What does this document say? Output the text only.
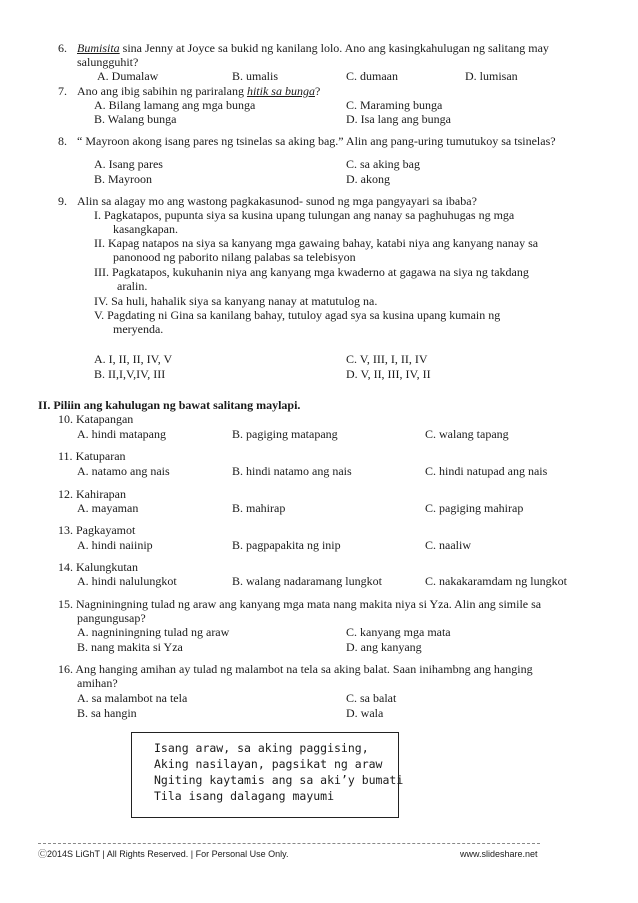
6. Bumisita sina Jenny at Joyce sa bukid ng kanilang lolo. Ano ang kasingkahulugan ng salitang may
salungguhit?
A. Dumalaw	B. umalis	C. dumaan	D. lumisan
7. Ano ang ibig sabihin ng pariralang hitik sa bunga?
A. Bilang lamang ang mga bunga	C. Maraming bunga
B. Walang bunga	D. Isa lang ang bunga
8. “ Mayroon akong isang pares ng tsinelas sa aking bag.” Alin ang pang-uring tumutukoy sa tsinelas?
A. Isang pares	C. sa aking bag
B. Mayroon	D. akong
9. Alin sa alagay mo ang wastong pagkakasunod- sunod ng mga pangyayari sa ibaba?
I. Pagkatapos, pupunta siya sa kusina upang tulungan ang nanay sa paghuhugas ng mga
kasangkapan.
II. Kapag natapos na siya sa kanyang mga gawaing bahay, katabi niya ang kanyang nanay sa
panonood ng paborito nilang palabas sa telebisyon
III. Pagkatapos, kukuhanin niya ang kanyang mga kwaderno at gagawa na siya ng takdang
aralin.
IV. Sa huli, hahalik siya sa kanyang nanay at matutulog na.
V. Pagdating ni Gina sa kanilang bahay, tutuloy agad sya sa kusina upang kumain ng
meryenda.
A. I, II, II, IV, V	C. V, III, I, II, IV
B. II,I,V,IV, III	D. V, II, III, IV, II
II. Piliin ang kahulugan ng bawat salitang maylapi.
10. Katapangan
A. hindi matapang	B. pagiging matapang	C. walang tapang
11. Katuparan
A. natamo ang nais	B. hindi natamo ang nais	C. hindi natupad ang nais
12. Kahirapan
A. mayaman	B. mahirap	C. pagiging mahirap
13. Pagkayamot
A. hindi naiinip	B. pagpapakita ng inip	C. naaliw
14. Kalungkutan
A. hindi nalulungkot	B. walang nadaramang lungkot	C. nakakaramdam ng lungkot
15. Nagniningning tulad ng araw ang kanyang mga mata nang makita niya si Yza. Alin ang simile sa
pangungusap?
A. nagniningning tulad ng araw	C. kanyang mga mata
B. nang makita si Yza	D. ang kanyang
16. Ang hanging amihan ay tulad ng malambot na tela sa aking balat. Saan inihambng ang hanging
amihan?
A. sa malambot na tela	C. sa balat
B. sa hangin	D. wala
Isang araw, sa aking paggising,
Aking nasilayan, pagsikat ng araw
Ngiting kaytamis ang sa aki’y bumati
Tila isang dalagang mayumi
Ⓒ2014S LiGhT | All Rights Reserved. | For Personal Use Only.	www.slideshare.net
